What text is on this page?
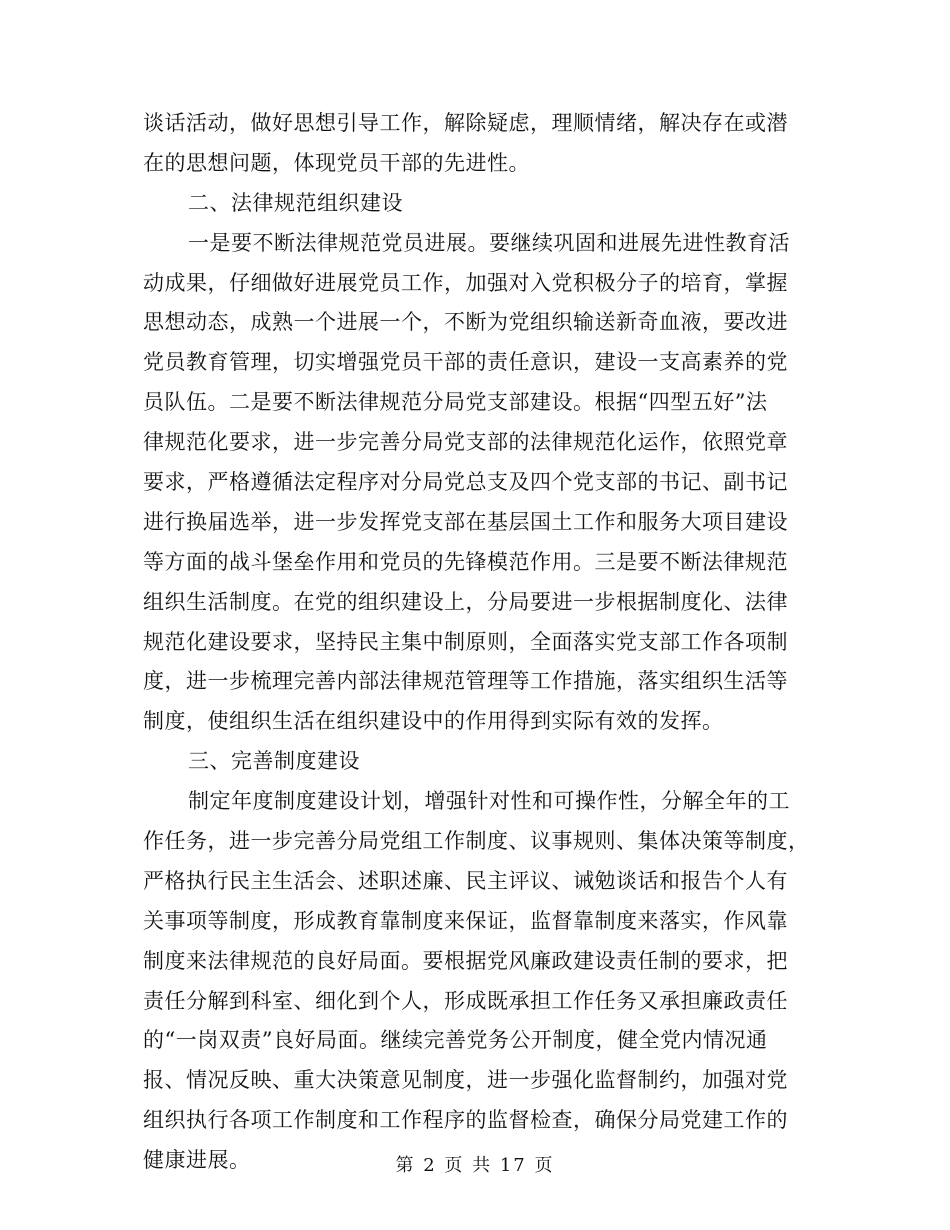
谈话活动，做好思想引导工作，解除疑虑，理顺情绪，解决存在或潜
在的思想问题，体现党员干部的先进性。
二、法律规范组织建设
一是要不断法律规范党员进展。要继续巩固和进展先进性教育活
动成果，仔细做好进展党员工作，加强对入党积极分子的培育，掌握
思想动态，成熟一个进展一个，不断为党组织输送新奇血液，要改进
党员教育管理，切实增强党员干部的责任意识，建设一支高素养的党
员队伍。二是要不断法律规范分局党支部建设。根据“四型五好”法
律规范化要求，进一步完善分局党支部的法律规范化运作，依照党章
要求，严格遵循法定程序对分局党总支及四个党支部的书记、副书记
进行换届选举，进一步发挥党支部在基层国土工作和服务大项目建设
等方面的战斗堡垒作用和党员的先锋模范作用。三是要不断法律规范
组织生活制度。在党的组织建设上，分局要进一步根据制度化、法律
规范化建设要求，坚持民主集中制原则，全面落实党支部工作各项制
度，进一步梳理完善内部法律规范管理等工作措施，落实组织生活等
制度，使组织生活在组织建设中的作用得到实际有效的发挥。
三、完善制度建设
制定年度制度建设计划，增强针对性和可操作性，分解全年的工
作任务，进一步完善分局党组工作制度、议事规则、集体决策等制度，
严格执行民主生活会、述职述廉、民主评议、诫勉谈话和报告个人有
关事项等制度，形成教育靠制度来保证，监督靠制度来落实，作风靠
制度来法律规范的良好局面。要根据党风廉政建设责任制的要求，把
责任分解到科室、细化到个人，形成既承担工作任务又承担廉政责任
的“一岗双责”良好局面。继续完善党务公开制度，健全党内情况通
报、情况反映、重大决策意见制度，进一步强化监督制约，加强对党
组织执行各项工作制度和工作程序的监督检查，确保分局党建工作的
健康进展。	第 2 页 共 17 页
